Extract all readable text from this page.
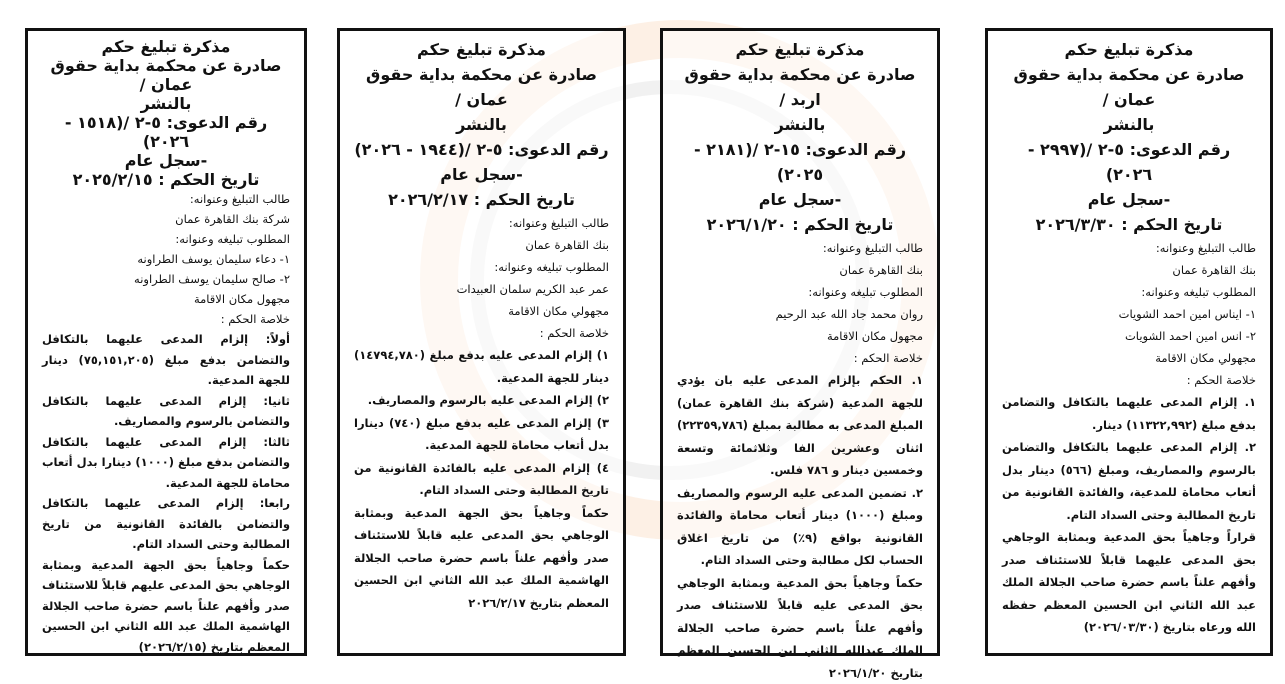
مذكرة تبليغ حكم
صادرة عن محكمة بداية حقوق عمان /
بالنشر
رقم الدعوى: ٥-٢ /(٢٩٩٧ - ٢٠٢٦)
-سجل عام
تاريخ الحكم : ٢٠٢٦/٣/٣٠
طالب التبليغ وعنوانه:
بنك القاهرة عمان
المطلوب تبليغه وعنوانه:
١- ايناس امين احمد الشويات
٢- انس امين احمد الشويات
مجهولي مكان الاقامة
خلاصة الحكم :

١. إلزام المدعى عليهما بالتكافل والتضامن بدفع مبلغ (١١٣٢٢,٩٩٢) دينار.

٢. إلزام المدعى عليهما بالتكافل والتضامن بالرسوم والمصاريف، ومبلغ (٥٦٦) دينار بدل أتعاب محاماة للمدعية، والفائدة القانونية من تاريخ المطالبة وحتى السداد التام.

قراراً وجاهياً بحق المدعية وبمثابة الوجاهي بحق المدعى عليهما قابلاً للاستئناف صدر وأفهم علناً باسم حضرة صاحب الجلالة الملك عبد الله الثاني ابن الحسين المعظم حفظه الله ورعاه بتاريخ (٢٠٢٦/٠٣/٣٠)

مذكرة تبليغ حكم
صادرة عن محكمة بداية حقوق اربد /
بالنشر
رقم الدعوى: ١٥-٢ /(٢١٨١ - ٢٠٢٥)
-سجل عام
تاريخ الحكم : ٢٠٢٦/١/٢٠
طالب التبليغ وعنوانه:
بنك القاهرة عمان
المطلوب تبليغه وعنوانه:
روان محمد جاد الله عبد الرحيم
مجهول مكان الاقامة
خلاصة الحكم :

١. الحكم بإلزام المدعى عليه بان يؤدي للجهة المدعية (شركة بنك القاهرة عمان) المبلغ المدعى به مطالبة بمبلغ (٢٢٣٥٩,٧٨٦) اثنان وعشرين الفا وثلاثمائة وتسعة وخمسين دينار و ٧٨٦ فلس.

٢. تضمين المدعى عليه الرسوم والمصاريف ومبلغ (١٠٠٠) دينار أتعاب محاماة والفائدة القانونية بواقع (٩٪) من تاريخ اغلاق الحساب لكل مطالبة وحتى السداد التام.

حكماً وجاهياً بحق المدعية وبمثابة الوجاهي بحق المدعى عليه قابلاً للاستئناف صدر وأفهم علناً باسم حضرة صاحب الجلالة الملك عبدالله الثاني ابن الحسين المعظم بتاريخ ٢٠٢٦/١/٢٠

مذكرة تبليغ حكم
صادرة عن محكمة بداية حقوق عمان /
بالنشر
رقم الدعوى: ٥-٢ /(١٩٤٤ - ٢٠٢٦)
-سجل عام
تاريخ الحكم : ٢٠٢٦/٢/١٧
طالب التبليغ وعنوانه:
بنك القاهرة عمان
المطلوب تبليغه وعنوانه:
عمر عبد الكريم سلمان العبيدات
مجهولي مكان الاقامة
خلاصة الحكم :

١) إلزام المدعى عليه بدفع مبلغ (١٤٧٩٤,٧٨٠) دينار للجهة المدعية.

٢) إلزام المدعى عليه بالرسوم والمصاريف.

٣) إلزام المدعى عليه بدفع مبلغ (٧٤٠) دينارا بدل أتعاب محاماة للجهة المدعية.

٤) إلزام المدعى عليه بالفائدة القانونية من تاريخ المطالبة وحتى السداد التام.

حكماً وجاهياً بحق الجهة المدعية وبمثابة الوجاهي بحق المدعى عليه قابلاً للاستئناف صدر وأفهم علناً باسم حضرة صاحب الجلالة الهاشمية الملك عبد الله الثاني ابن الحسين المعظم بتاريخ ٢٠٢٦/٢/١٧

مذكرة تبليغ حكم
صادرة عن محكمة بداية حقوق عمان /
بالنشر
رقم الدعوى: ٥-٢ /(١٥١٨ - ٢٠٢٦)
-سجل عام
تاريخ الحكم : ٢٠٢٥/٢/١٥
طالب التبليغ وعنوانه:
شركة بنك القاهرة عمان
المطلوب تبليغه وعنوانه:
١- دعاء سليمان يوسف الطراونه
٢- صالح سليمان يوسف الطراونه
مجهول مكان الاقامة
خلاصة الحكم :

أولاً: إلزام المدعى عليهما بالتكافل والتضامن بدفع مبلغ (٧٥,١٥١,٢٠٥) دينار للجهة المدعية.

ثانيا: إلزام المدعى عليهما بالتكافل والتضامن بالرسوم والمصاريف.

ثالثا: إلزام المدعى عليهما بالتكافل والتضامن بدفع مبلغ (١٠٠٠) دينارا بدل أتعاب محاماة للجهة المدعية.

رابعا: إلزام المدعى عليهما بالتكافل والتضامن بالفائدة القانونية من تاريخ المطالبة وحتى السداد التام.

حكماً وجاهياً بحق الجهة المدعية وبمثابة الوجاهي بحق المدعى عليهم قابلاً للاستئناف صدر وأفهم علناً باسم حضرة صاحب الجلالة الهاشمية الملك عبد الله الثاني ابن الحسين المعظم بتاريخ (٢٠٢٦/٢/١٥)
